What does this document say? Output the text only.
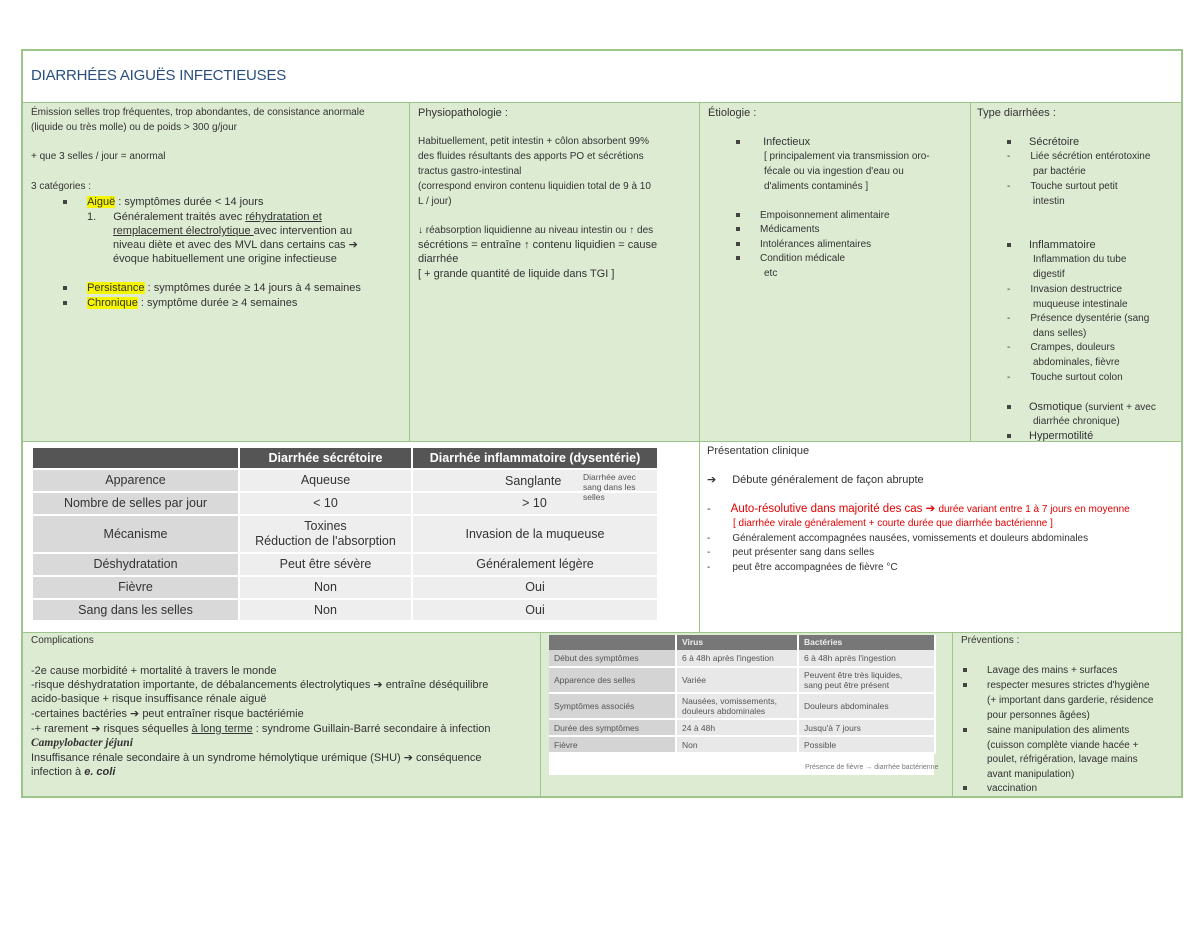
DIARRHÉES AIGUËS INFECTIEUSES
Émission selles trop fréquentes, trop abondantes, de consistance anormale
(liquide ou très molle) ou de poids > 300 g/jour
+ que 3 selles / jour = anormal
3 catégories :
Aiguë : symptômes durée < 14 jours
1. Généralement traités avec réhydratation et
remplacement électrolytique avec intervention au
niveau diète et avec des MVL dans certains cas ➔
évoque habituellement une origine infectieuse
Persistance : symptômes durée ≥ 14 jours à 4 semaines
Chronique : symptôme durée ≥ 4 semaines
Physiopathologie :
Habituellement, petit intestin + côlon absorbent 99%
des fluides résultants des apports PO et sécrétions
tractus gastro-intestinal
(correspond environ contenu liquidien total de 9 à 10
L / jour)
↓ réabsorption liquidienne au niveau intestin ou ↑ des
sécrétions = entraîne ↑ contenu liquidien = cause
diarrhée
[ + grande quantité de liquide dans TGI ]
Étiologie :
Infectieux
[ principalement via transmission oro-
fécale ou via ingestion d'eau ou
d'aliments contaminés ]
Empoisonnement alimentaire
Médicaments
Intolérances alimentaires
Condition médicale
etc
Type diarrhées :
Sécrétoire
- Liée sécrétion entérotoxine
par bactérie
- Touche surtout petit
intestin
Inflammatoire
Inflammation du tube
digestif
- Invasion destructrice
muqueuse intestinale
- Présence dysentérie (sang
dans selles)
- Crampes, douleurs
abdominales, fièvre
- Touche surtout colon
Osmotique (survient + avec
diarrhée chronique)
Hypermotilité
	Diarrhée sécrétoire	Diarrhée inflammatoire (dysentérie)
Apparence	Aqueuse	Sanglante Diarrhée avec
sang dans les
selles

Nombre de selles par jour	< 10	> 10
Mécanisme	Toxines
Réduction de l'absorption	Invasion de la muqueuse
Déshydratation	Peut être sévère	Généralement légère
Fièvre	Non	Oui
Sang dans les selles	Non	Oui
Présentation clinique
➔ Débute généralement de façon abrupte
- Auto-résolutive dans majorité des cas ➔ durée variant entre 1 à 7 jours en moyenne
[ diarrhée virale généralement + courte durée que diarrhée bactérienne ]
- Généralement accompagnées nausées, vomissements et douleurs abdominales
- peut présenter sang dans selles
- peut être accompagnées de fièvre °C
Complications
-2e cause morbidité + mortalité à travers le monde
-risque déshydratation importante, de débalancements électrolytiques ➔ entraîne déséquilibre
acido-basique + risque insuffisance rénale aiguë
-certaines bactéries ➔ peut entraîner risque bactériémie
-+ rarement ➔ risques séquelles à long terme : syndrome Guillain-Barré secondaire à infection
Campylobacter jéjuni
Insuffisance rénale secondaire à un syndrome hémolytique urémique (SHU) ➔ conséquence
infection à e. coli
	Virus	Bactéries
Début des symptômes	6 à 48h après l'ingestion	6 à 48h après l'ingestion
Apparence des selles	Variée	Peuvent être très liquides,
sang peut être présent
Symptômes associés	Nausées, vomissements,
douleurs abdominales	Douleurs abdominales
Durée des symptômes	24 à 48h	Jusqu'à 7 jours
Fièvre	Non	Possible
Présence de fièvre → diarrhée bactérienne
Préventions :
Lavage des mains + surfaces
respecter mesures strictes d'hygiène
(+ important dans garderie, résidence
pour personnes âgées)
saine manipulation des aliments
(cuisson complète viande hacée +
poulet, réfrigération, lavage mains
avant manipulation)
vaccination
